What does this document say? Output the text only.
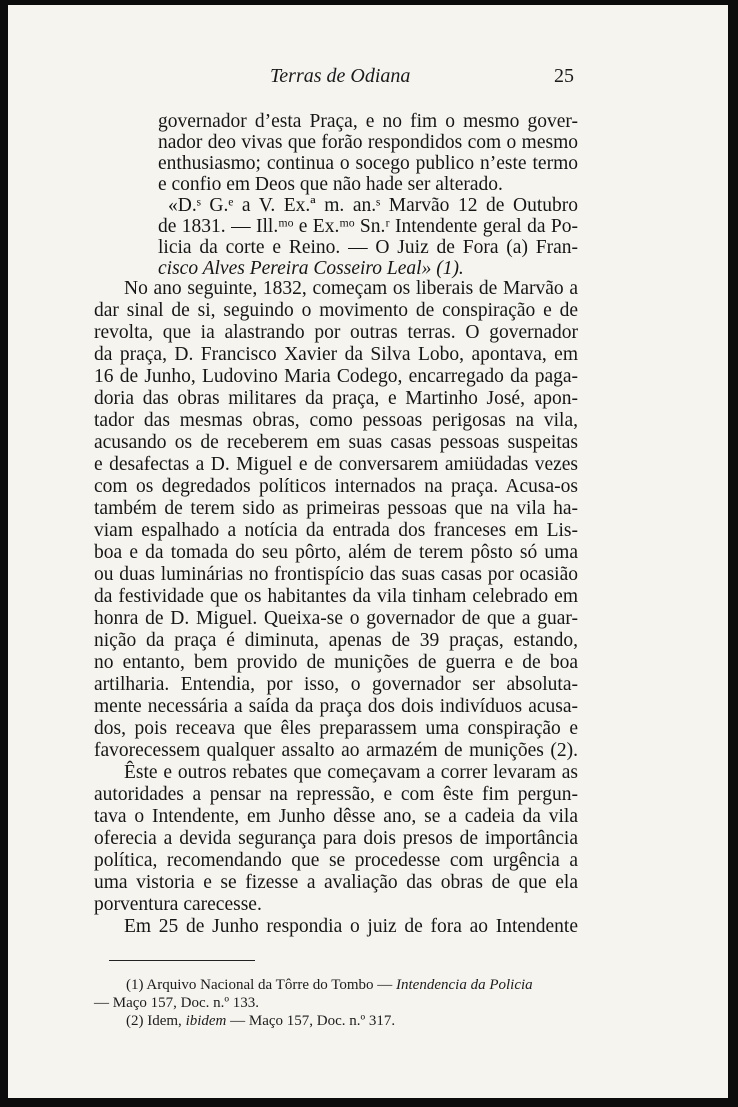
Terras de Odiana	25
governador d’esta Praça, e no fim o mesmo gover-
nador deo vivas que forão respondidos com o mesmo
enthusiasmo; continua o socego publico n’este termo
e confio em Deos que não hade ser alterado.
«D.ˢ G.ᵉ a V. Ex.ª m. an.ˢ Marvão 12 de Outubro
de 1831. — Ill.ᵐᵒ e Ex.ᵐᵒ Sn.ʳ Intendente geral da Po-
licia da corte e Reino. — O Juiz de Fora (a) Fran-
cisco Alves Pereira Cosseiro Leal» (1).
No ano seguinte, 1832, começam os liberais de Marvão a
dar sinal de si, seguindo o movimento de conspiração e de
revolta, que ia alastrando por outras terras. O governador
da praça, D. Francisco Xavier da Silva Lobo, apontava, em
16 de Junho, Ludovino Maria Codego, encarregado da paga-
doria das obras militares da praça, e Martinho José, apon-
tador das mesmas obras, como pessoas perigosas na vila,
acusando os de receberem em suas casas pessoas suspeitas
e desafectas a D. Miguel e de conversarem amiüdadas vezes
com os degredados políticos internados na praça. Acusa-os
também de terem sido as primeiras pessoas que na vila ha-
viam espalhado a notícia da entrada dos franceses em Lis-
boa e da tomada do seu pôrto, além de terem pôsto só uma
ou duas luminárias no frontispício das suas casas por ocasião
da festividade que os habitantes da vila tinham celebrado em
honra de D. Miguel. Queixa-se o governador de que a guar-
nição da praça é diminuta, apenas de 39 praças, estando,
no entanto, bem provido de munições de guerra e de boa
artilharia. Entendia, por isso, o governador ser absoluta-
mente necessária a saída da praça dos dois indivíduos acusa-
dos, pois receava que êles preparassem uma conspiração e
favorecessem qualquer assalto ao armazém de munições (2).
Êste e outros rebates que começavam a correr levaram as
autoridades a pensar na repressão, e com êste fim pergun-
tava o Intendente, em Junho dêsse ano, se a cadeia da vila
oferecia a devida segurança para dois presos de importância
política, recomendando que se procedesse com urgência a
uma vistoria e se fizesse a avaliação das obras de que ela
porventura carecesse.
Em 25 de Junho respondia o juiz de fora ao Intendente
(1) Arquivo Nacional da Tôrre do Tombo — Intendencia da Policia
— Maço 157, Doc. n.º 133.
(2) Idem, ibidem — Maço 157, Doc. n.º 317.
